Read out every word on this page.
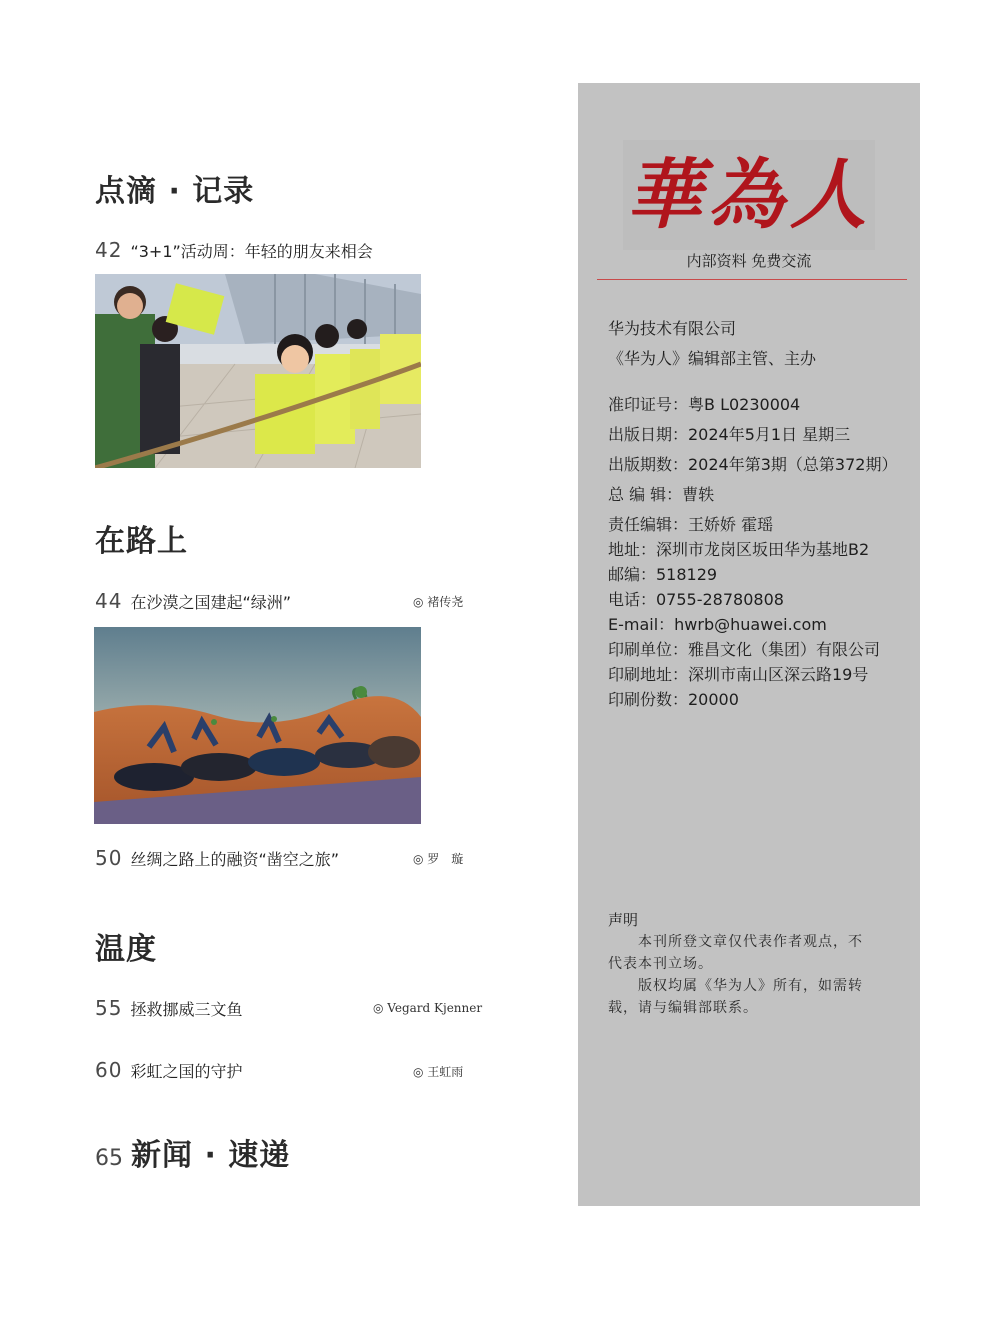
点滴 · 记录
42 “3+1”活动周：年轻的朋友来相会
在路上
44 在沙漠之国建起“绿洲”	◎ 褚传尧
50 丝绸之路上的融资“凿空之旅”	◎ 罗　璇
温度
55 拯救挪威三文鱼	◎ Vegard Kjenner
60 彩虹之国的守护	◎ 王虹雨
65 新闻 · 速递
華為人
内部资料 免费交流
华为技术有限公司
《华为人》编辑部主管、主办
准印证号：粤B L0230004
出版日期：2024年5月1日 星期三
出版期数：2024年第3期（总第372期）
总 编 辑：曹轶
责任编辑：王娇娇 霍瑶
地址：深圳市龙岗区坂田华为基地B2
邮编：518129
电话：0755-28780808
E-mail：hwrb@huawei.com
印刷单位：雅昌文化（集团）有限公司
印刷地址：深圳市南山区深云路19号
印刷份数：20000
声明
　　本刊所登文章仅代表作者观点，不
代表本刊立场。
　　版权均属《华为人》所有，如需转
载，请与编辑部联系。
